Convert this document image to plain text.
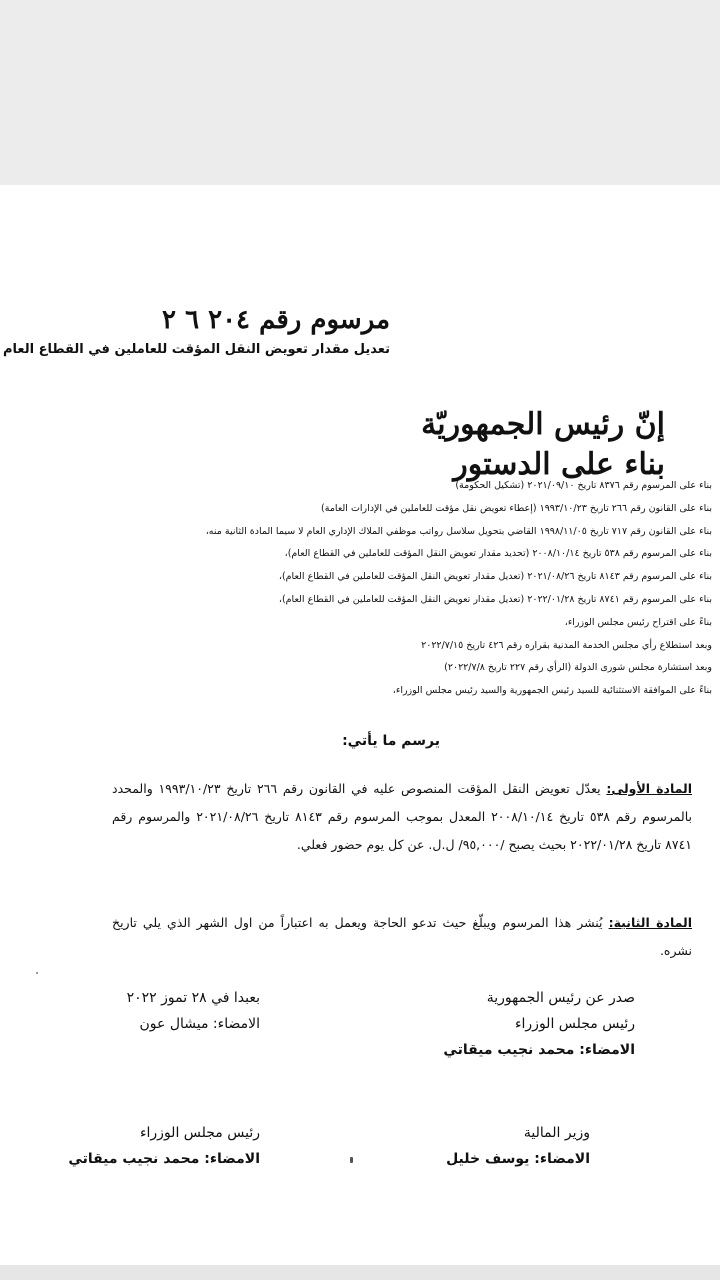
مرسوم رقم ٢٠٤ ٦ ٢
تعديل مقدار تعويض النقل المؤقت للعاملين في القطاع العام
إنّ رئيس الجمهوريّة
بناء على الدستور
بناء على المرسوم رقم ٨٣٧٦ تاريخ ٢٠٢١/٠٩/١٠ (تشكيل الحكومة)
بناء على القانون رقم ٢٦٦ تاريخ ١٩٩٣/١٠/٢٣ (إعطاء تعويض نقل مؤقت للعاملين في الإدارات العامة)
بناء على القانون رقم ٧١٧ تاريخ ١٩٩٨/١١/٠٥ القاضي بتحويل سلاسل رواتب موظفي الملاك الإداري العام لا سيما المادة الثانية منه،
بناء على المرسوم رقم ٥٣٨ تاريخ ٢٠٠٨/١٠/١٤ (تحديد مقدار تعويض النقل المؤقت للعاملين في القطاع العام)،
بناء على المرسوم رقم ٨١٤٣ تاريخ ٢٠٢١/٠٨/٢٦ (تعديل مقدار تعويض النقل المؤقت للعاملين في القطاع العام)،
بناء على المرسوم رقم ٨٧٤١ تاريخ ٢٠٢٢/٠١/٢٨ (تعديل مقدار تعويض النقل المؤقت للعاملين في القطاع العام)،
بناءً على اقتراح رئيس مجلس الوزراء،
وبعد استطلاع رأي مجلس الخدمة المدنية بقراره رقم ٤٢٦ تاريخ ٢٠٢٢/٧/١٥
وبعد استشارة مجلس شورى الدولة (الرأي رقم ٢٢٧ تاريخ ٢٠٢٢/٧/٨)
بناءً على الموافقة الاستثنائية للسيد رئيس الجمهورية والسيد رئيس مجلس الوزراء،
يرسم ما يأتي:
المادة الأولى: يعدّل تعويض النقل المؤقت المنصوص عليه في القانون رقم ٢٦٦ تاريخ ١٩٩٣/١٠/٢٣ والمحدد بالمرسوم رقم ٥٣٨ تاريخ ٢٠٠٨/١٠/١٤ المعدل بموجب المرسوم رقم ٨١٤٣ تاريخ ٢٠٢١/٠٨/٢٦ والمرسوم رقم ٨٧٤١ تاريخ ٢٠٢٢/٠١/٢٨ بحيث يصبح /٩٥,٠٠٠/ ل.ل. عن كل يوم حضور فعلي.
المادة الثانية: يُنشر هذا المرسوم ويبلّغ حيث تدعو الحاجة ويعمل به اعتباراً من اول الشهر الذي يلي تاريخ نشره.
صدر عن رئيس الجمهورية
رئيس مجلس الوزراء
الامضاء: محمد نجيب ميقاتي
بعبدا في ٢٨ تموز ٢٠٢٢
الامضاء: ميشال عون
وزير المالية
الامضاء: يوسف خليل
رئيس مجلس الوزراء
الامضاء: محمد نجيب ميقاتي
